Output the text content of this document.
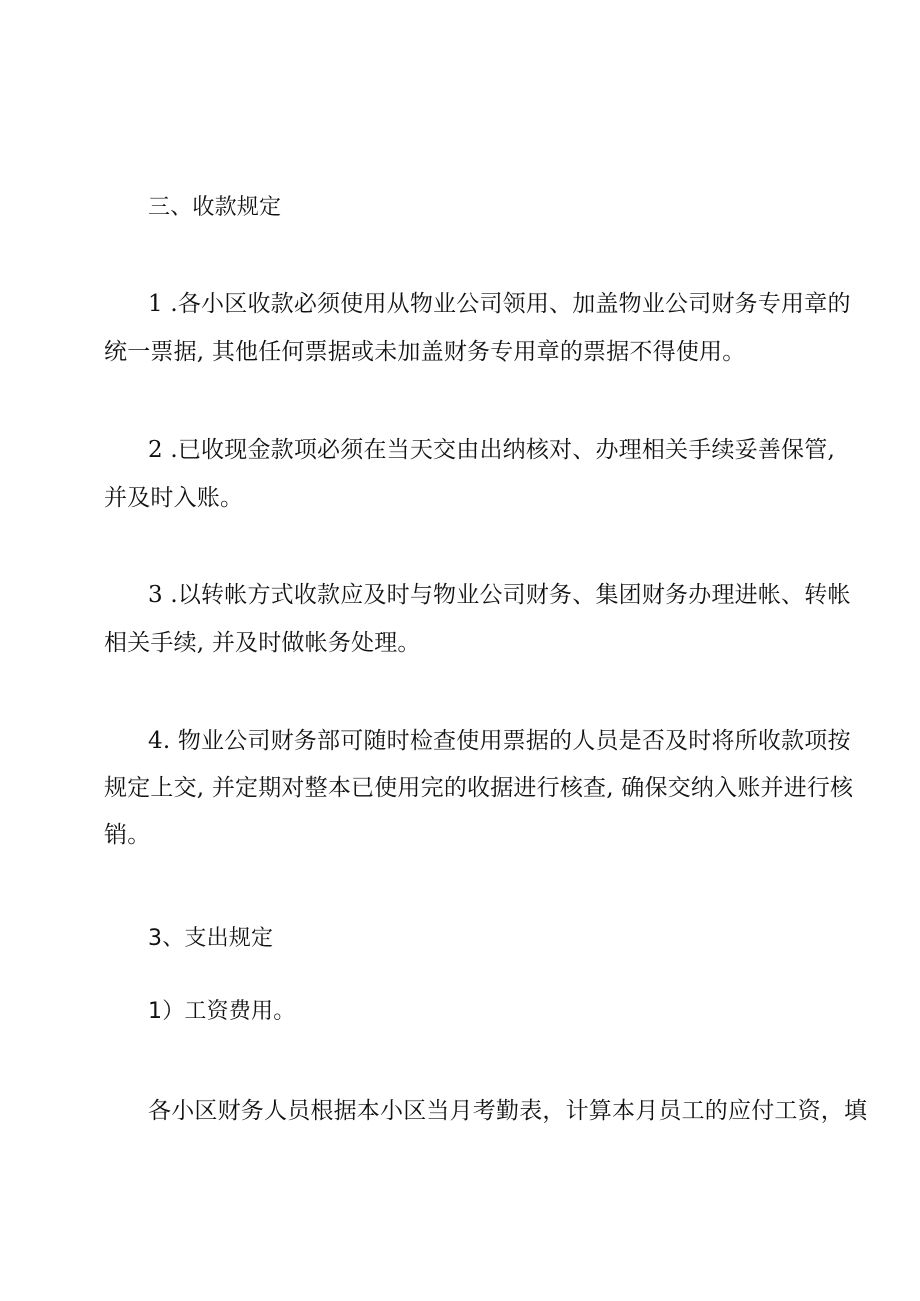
三、收款规定
1 .各小区收款必须使用从物业公司领用、加盖物业公司财务专用章的
统一票据, 其他任何票据或未加盖财务专用章的票据不得使用。
2 .已收现金款项必须在当天交由出纳核对、办理相关手续妥善保管,
并及时入账。
3 .以转帐方式收款应及时与物业公司财务、集团财务办理进帐、转帐
相关手续, 并及时做帐务处理。
4. 物业公司财务部可随时检查使用票据的人员是否及时将所收款项按
规定上交, 并定期对整本已使用完的收据进行核查, 确保交纳入账并进行核
销。
3、支出规定
1）工资费用。
各小区财务人员根据本小区当月考勤表，计算本月员工的应付工资，填
